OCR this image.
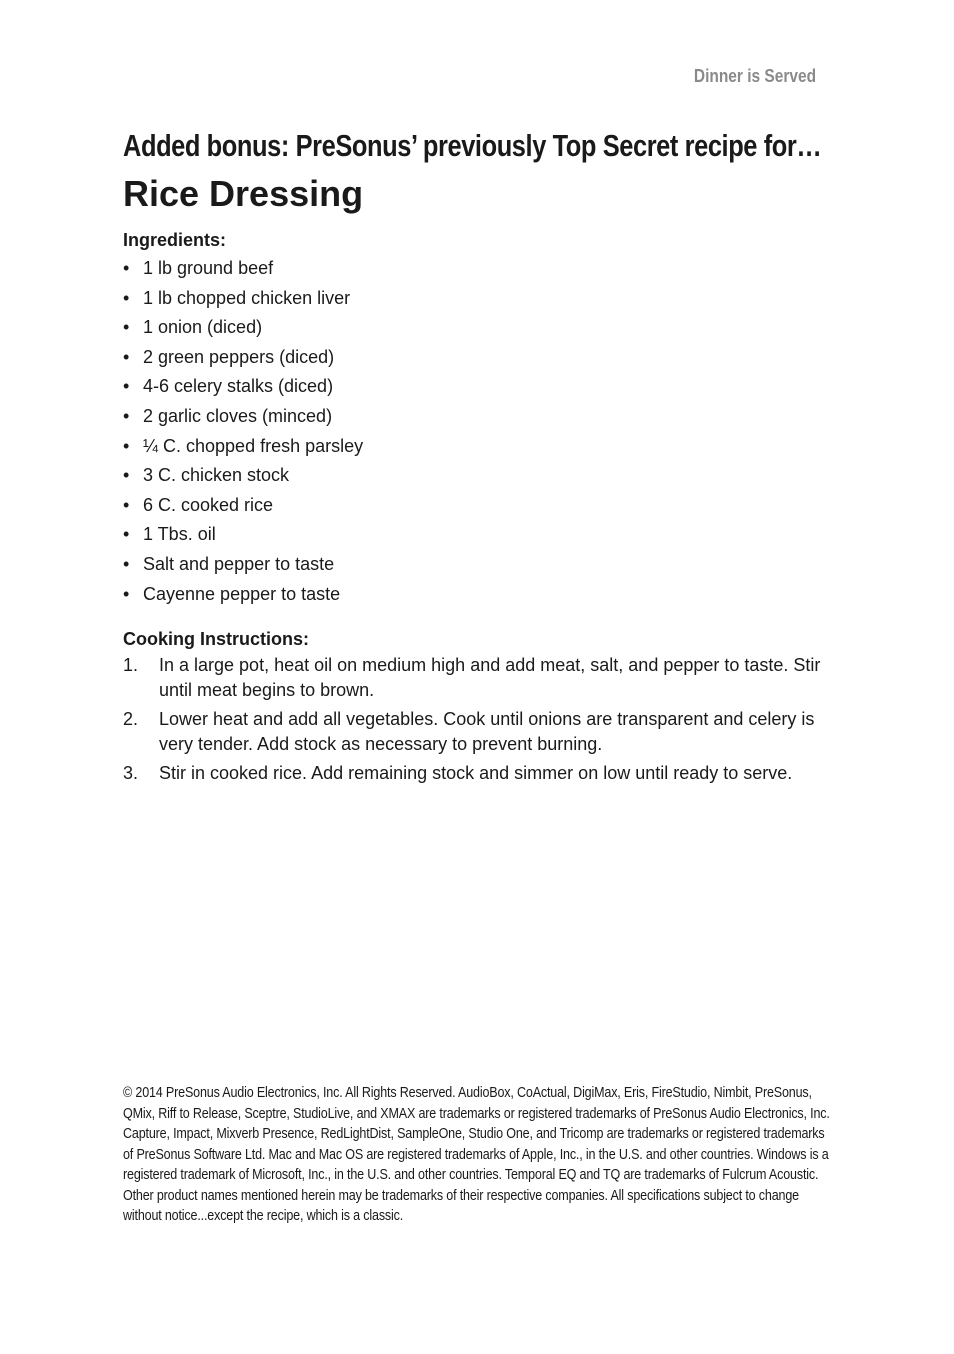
Dinner is Served
Added bonus: PreSonus’ previously Top Secret recipe for…
Rice Dressing
Ingredients:
• 1 lb ground beef
• 1 lb chopped chicken liver
• 1 onion (diced)
• 2 green peppers (diced)
• 4-6 celery stalks (diced)
• 2 garlic cloves (minced)
• ¼ C. chopped fresh parsley
• 3 C. chicken stock
• 6 C. cooked rice
• 1 Tbs. oil
• Salt and pepper to taste
• Cayenne pepper to taste
Cooking Instructions:
1. In a large pot, heat oil on medium high and add meat, salt, and pepper to taste. Stir until meat begins to brown.
2. Lower heat and add all vegetables. Cook until onions are transparent and celery is very tender. Add stock as necessary to prevent burning.
3. Stir in cooked rice. Add remaining stock and simmer on low until ready to serve.

© 2014 PreSonus Audio Electronics, Inc. All Rights Reserved. AudioBox, CoActual, DigiMax, Eris, FireStudio, Nimbit, PreSonus, QMix, Riff to Release, Sceptre, StudioLive, and XMAX are trademarks or registered trademarks of PreSonus Audio Electronics, Inc. Capture, Impact, Mixverb Presence, RedLightDist, SampleOne, Studio One, and Tricomp are trademarks or registered trademarks of PreSonus Software Ltd. Mac and Mac OS are registered trademarks of Apple, Inc., in the U.S. and other countries. Windows is a registered trademark of Microsoft, Inc., in the U.S. and other countries. Temporal EQ and TQ are trademarks of Fulcrum Acoustic. Other product names mentioned herein may be trademarks of their respective companies. All specifications subject to change without notice...except the recipe, which is a classic.
